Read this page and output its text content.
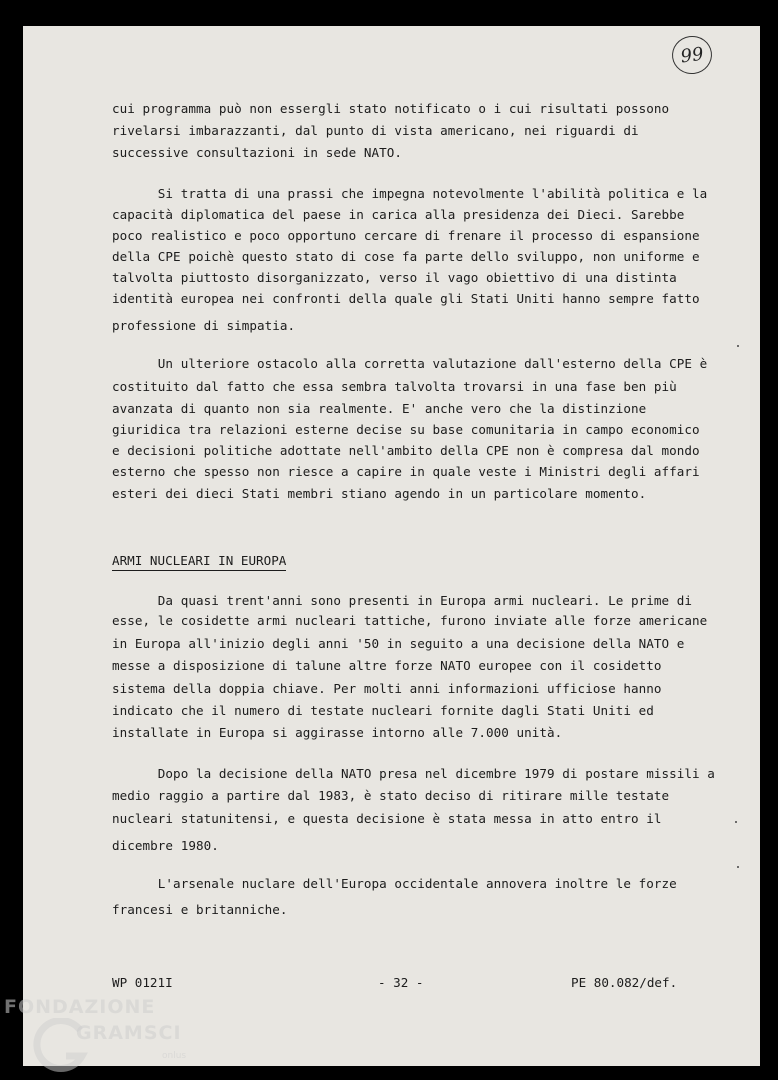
99
cui programma può non essergli stato notificato o i cui risultati possono
rivelarsi imbarazzanti, dal punto di vista americano, nei riguardi di
successive consultazioni in sede NATO.
Si tratta di una prassi che impegna notevolmente l'abilità politica e la
capacità diplomatica del paese in carica alla presidenza dei Dieci. Sarebbe
poco realistico e poco opportuno cercare di frenare il processo di espansione
della CPE poichè questo stato di cose fa parte dello sviluppo, non uniforme e
talvolta piuttosto disorganizzato, verso il vago obiettivo di una distinta
identità europea nei confronti della quale gli Stati Uniti hanno sempre fatto
professione di simpatia.
Un ulteriore ostacolo alla corretta valutazione dall'esterno della CPE è
costituito dal fatto che essa sembra talvolta trovarsi in una fase ben più
avanzata di quanto non sia realmente. E' anche vero che la distinzione
giuridica tra relazioni esterne decise su base comunitaria in campo economico
e decisioni politiche adottate nell'ambito della CPE non è compresa dal mondo
esterno che spesso non riesce a capire in quale veste i Ministri degli affari
esteri dei dieci Stati membri stiano agendo in un particolare momento.
ARMI NUCLEARI IN EUROPA
Da quasi trent'anni sono presenti in Europa armi nucleari. Le prime di
esse, le cosidette armi nucleari tattiche, furono inviate alle forze americane
in Europa all'inizio degli anni '50 in seguito a una decisione della NATO e
messe a disposizione di talune altre forze NATO europee con il cosidetto
sistema della doppia chiave. Per molti anni informazioni ufficiose hanno
indicato che il numero di testate nucleari fornite dagli Stati Uniti ed
installate in Europa si aggirasse intorno alle 7.000 unità.
Dopo la decisione della NATO presa nel dicembre 1979 di postare missili a
medio raggio a partire dal 1983, è stato deciso di ritirare mille testate
nucleari statunitensi, e questa decisione è stata messa in atto entro il
dicembre 1980.
L'arsenale nuclare dell'Europa occidentale annovera inoltre le forze
francesi e britanniche.
WP 0121I	- 32 -	PE 80.082/def.
FONDAZIONE
GRAMSCI
onlus
